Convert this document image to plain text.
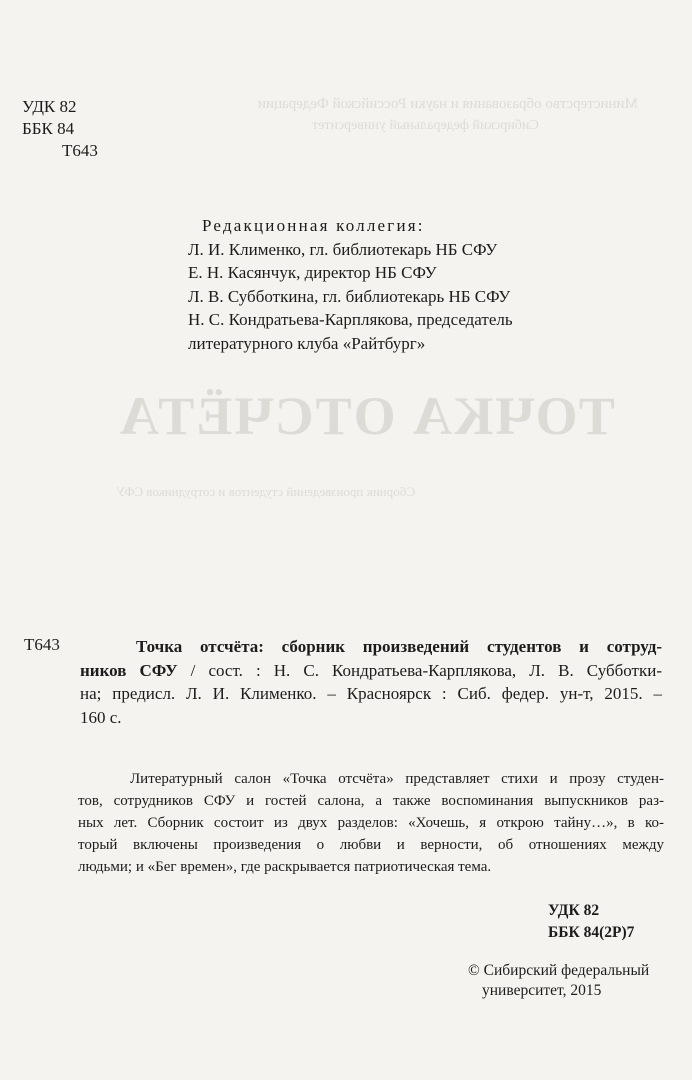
Министерство образования и науки Российской Федерации
Сибирский федеральный университет
ТОЧКА ОТСЧЁТА
Сборник произведений студентов и сотрудников СФУ
УДК 82
ББК 84
Т643
Редакционная коллегия:
Л. И. Клименко, гл. библиотекарь НБ СФУ
Е. Н. Касянчук, директор НБ СФУ
Л. В. Субботкина, гл. библиотекарь НБ СФУ
Н. С. Кондратьева-Карплякова, председатель
литературного клуба «Райтбург»
Т643	Точка отсчёта: сборник произведений студентов и сотруд-
ников СФУ / сост. : Н. С. Кондратьева-Карплякова, Л. В. Субботки-
на; предисл. Л. И. Клименко. – Красноярск : Сиб. федер. ун-т, 2015. –
160 с.
Литературный салон «Точка отсчёта» представляет стихи и прозу студен-
тов, сотрудников СФУ и гостей салона, а также воспоминания выпускников раз-
ных лет. Сборник состоит из двух разделов: «Хочешь, я открою тайну…», в ко-
торый включены произведения о любви и верности, об отношениях между
людьми; и «Бег времен», где раскрывается патриотическая тема.
УДК 82
ББК 84(2Р)7
© Сибирский федеральный
университет, 2015
